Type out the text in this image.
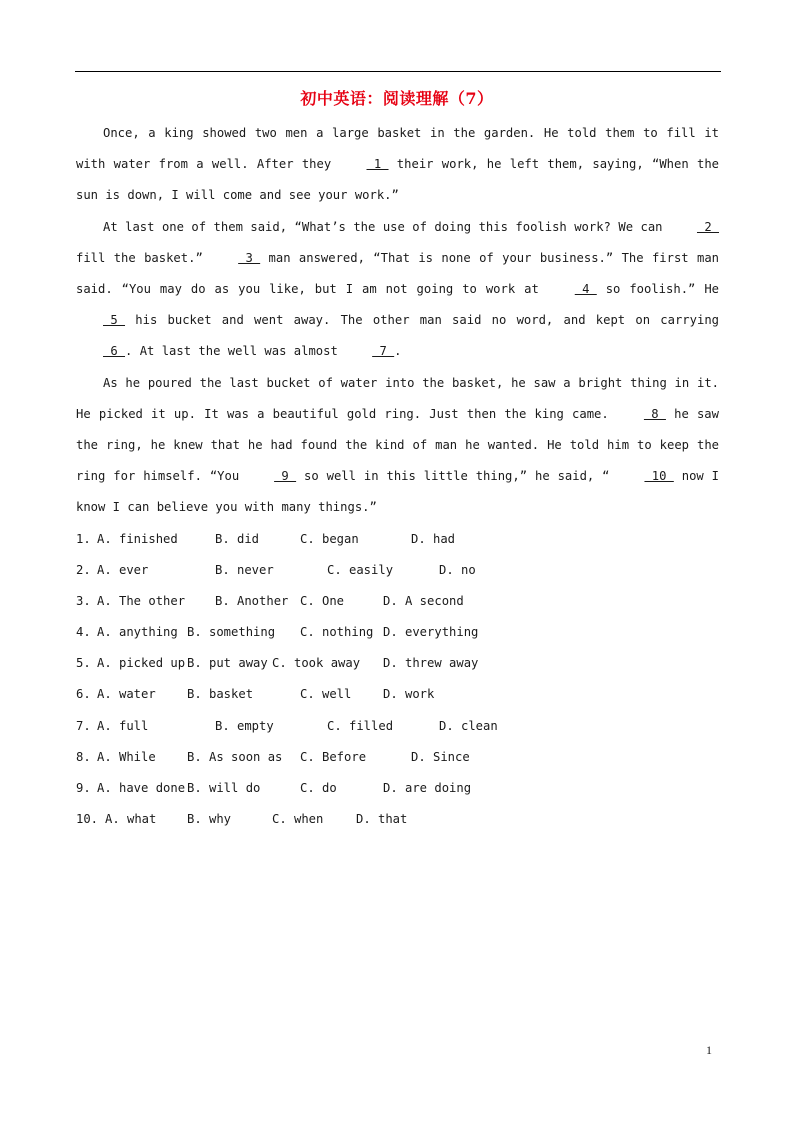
初中英语：阅读理解（7）

Once, a king showed two men a large basket in the garden. He told them to fill it with water from a well. After they  1  their work, he left them, saying, “When the sun is down, I will come and see your work.”

At last one of them said, “What’s the use of doing this foolish work? We can  2  fill the basket.”  3  man answered, “That is none of your business.” The first man said. “You may do as you like, but I am not going to work at  4  so foolish.” He  5  his bucket and went away. The other man said no word, and kept on carrying  6 . At last the well was almost  7 .

As he poured the last bucket of water into the basket, he saw a bright thing in it. He picked it up. It was a beautiful gold ring. Just then the king came.  8  he saw the ring, he knew that he had found the kind of man he wanted. He told him to keep the ring for himself. “You  9  so well in this little thing,” he said, “  10  now I know I can believe you with many things.”

1. A. finished	B. did	C. began	D. had
2. A. ever	B. never	C. easily	D. no
3. A. The other B. Another C. One	D. A second
4. A. anything B. something C. nothing D. everything
5. A. picked up B. put away C. took away D. threw away
6. A. water	B. basket	C. well	D. work
7. A. full	B. empty	C. filled	D. clean
8. A. While	B. As soon as C. Before	D. Since
9. A. have done B. will do	C. do	D. are doing
10. A. what	B. why	C. when	D. that
1
